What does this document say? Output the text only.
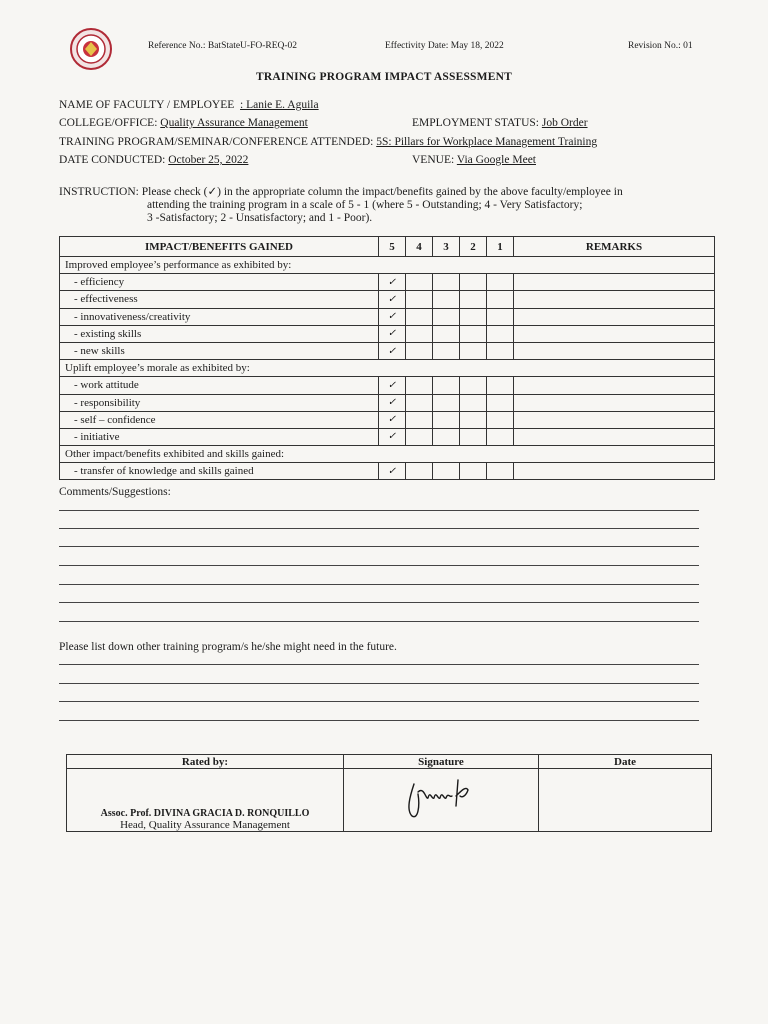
Reference No.: BatStateU-FO-REQ-02	Effectivity Date: May 18, 2022	Revision No.: 01
TRAINING PROGRAM IMPACT ASSESSMENT
NAME OF FACULTY / EMPLOYEE : Lanie E. Aguila
COLLEGE/OFFICE: Quality Assurance Management	EMPLOYMENT STATUS: Job Order
TRAINING PROGRAM/SEMINAR/CONFERENCE ATTENDED: 5S: Pillars for Workplace Management Training
DATE CONDUCTED: October 25, 2022	VENUE: Via Google Meet
INSTRUCTION: Please check (✓) in the appropriate column the impact/benefits gained by the above faculty/employee in
attending the training program in a scale of 5 - 1 (where 5 - Outstanding; 4 - Very Satisfactory;
3 -Satisfactory; 2 - Unsatisfactory; and 1 - Poor).
IMPACT/BENEFITS GAINED	5	4	3	2	1	REMARKS
Improved employee’s performance as exhibited by:						
- efficiency	✓					
- effectiveness	✓					
- innovativeness/creativity	✓					
- existing skills	✓					
- new skills	✓					
Uplift employee’s morale as exhibited by:						
- work attitude	✓					
- responsibility	✓					
- self – confidence	✓					
- initiative	✓					
Other impact/benefits exhibited and skills gained:						
- transfer of knowledge and skills gained	✓					
Comments/Suggestions:
Please list down other training program/s he/she might need in the future.
Rated by:	Signature	Date

Assoc. Prof. DIVINA GRACIA D. RONQUILLO
Head, Quality Assurance Management		
